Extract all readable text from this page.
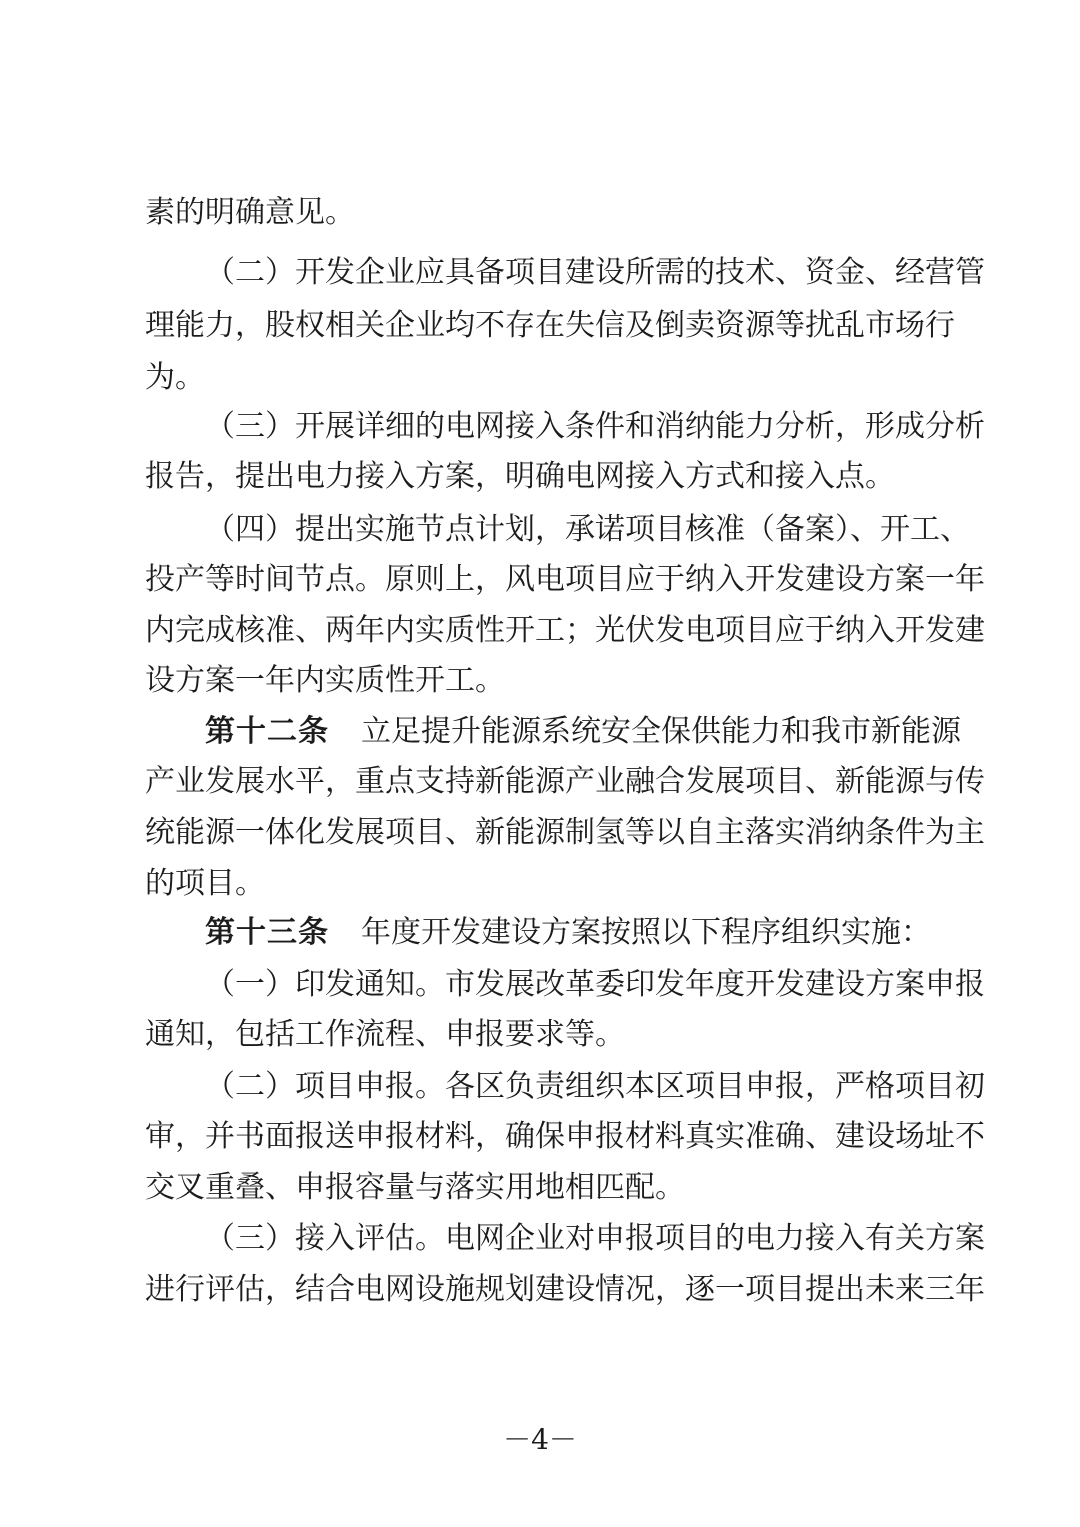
素的明确意见。
（二）开发企业应具备项目建设所需的技术、资金、经营管
理能力，股权相关企业均不存在失信及倒卖资源等扰乱市场行
为。
（三）开展详细的电网接入条件和消纳能力分析，形成分析
报告，提出电力接入方案，明确电网接入方式和接入点。
（四）提出实施节点计划，承诺项目核准（备案）、开工、
投产等时间节点。原则上，风电项目应于纳入开发建设方案一年
内完成核准、两年内实质性开工；光伏发电项目应于纳入开发建
设方案一年内实质性开工。
第十二条 立足提升能源系统安全保供能力和我市新能源
产业发展水平，重点支持新能源产业融合发展项目、新能源与传
统能源一体化发展项目、新能源制氢等以自主落实消纳条件为主
的项目。
第十三条 年度开发建设方案按照以下程序组织实施：
（一）印发通知。市发展改革委印发年度开发建设方案申报
通知，包括工作流程、申报要求等。
（二）项目申报。各区负责组织本区项目申报，严格项目初
审，并书面报送申报材料，确保申报材料真实准确、建设场址不
交叉重叠、申报容量与落实用地相匹配。
（三）接入评估。电网企业对申报项目的电力接入有关方案
进行评估，结合电网设施规划建设情况，逐一项目提出未来三年
－4－
